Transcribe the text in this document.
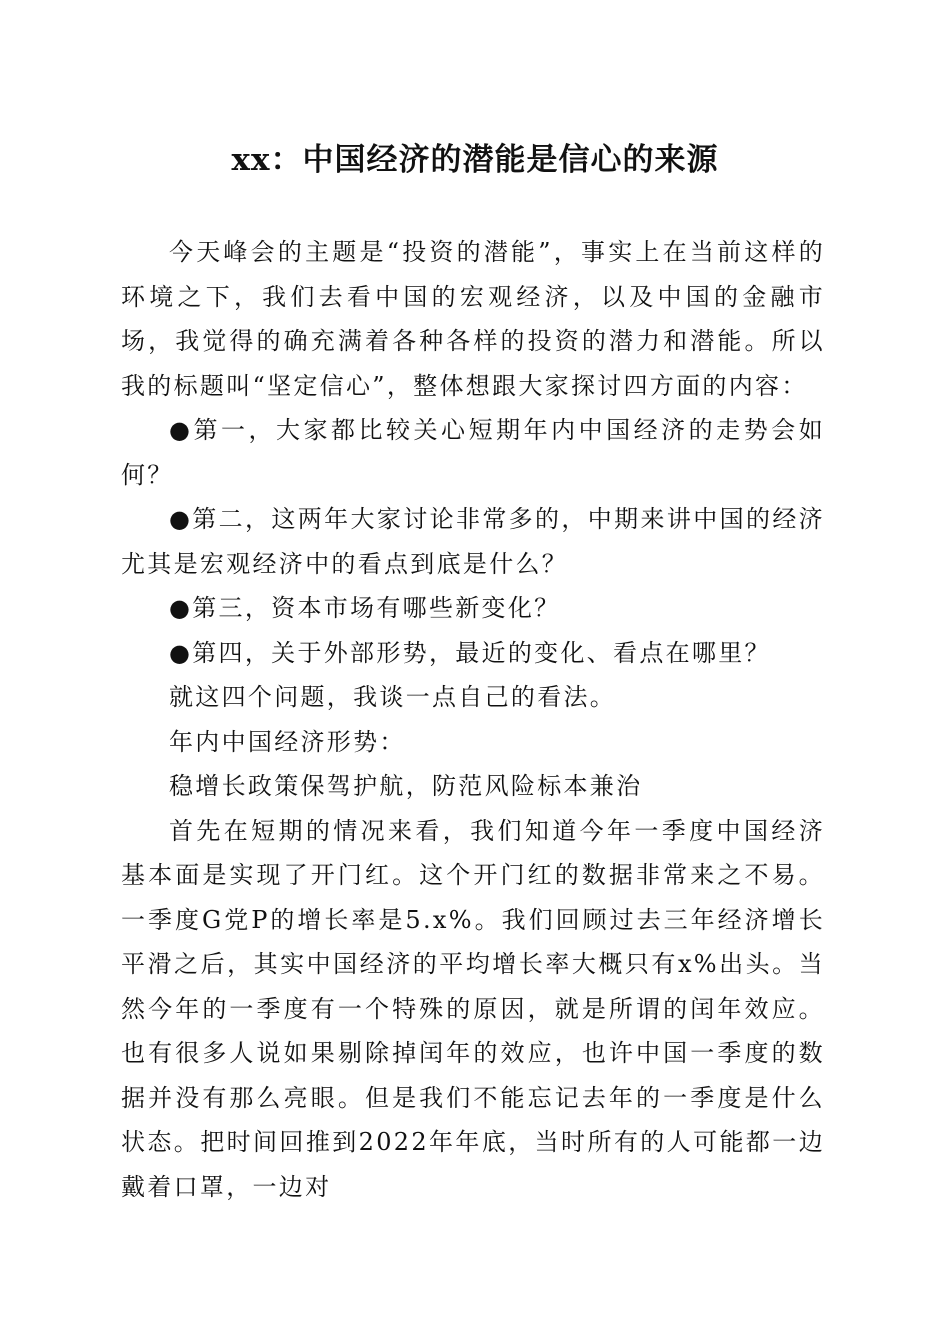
xx：中国经济的潜能是信心的来源

今天峰会的主题是“投资的潜能”，事实上在当前这样的环境之下，我们去看中国的宏观经济，以及中国的金融市场，我觉得的确充满着各种各样的投资的潜力和潜能。所以我的标题叫“坚定信心”，整体想跟大家探讨四方面的内容：

●第一，大家都比较关心短期年内中国经济的走势会如何？

●第二，这两年大家讨论非常多的，中期来讲中国的经济尤其是宏观经济中的看点到底是什么？

●第三，资本市场有哪些新变化？

●第四，关于外部形势，最近的变化、看点在哪里？

就这四个问题，我谈一点自己的看法。

年内中国经济形势：

稳增长政策保驾护航，防范风险标本兼治

首先在短期的情况来看，我们知道今年一季度中国经济基本面是实现了开门红。这个开门红的数据非常来之不易。一季度G党P的增长率是5.x%。我们回顾过去三年经济增长平滑之后，其实中国经济的平均增长率大概只有x%出头。当然今年的一季度有一个特殊的原因，就是所谓的闰年效应。也有很多人说如果剔除掉闰年的效应，也许中国一季度的数据并没有那么亮眼。但是我们不能忘记去年的一季度是什么状态。把时间回推到2022年年底，当时所有的人可能都一边戴着口罩，一边对
